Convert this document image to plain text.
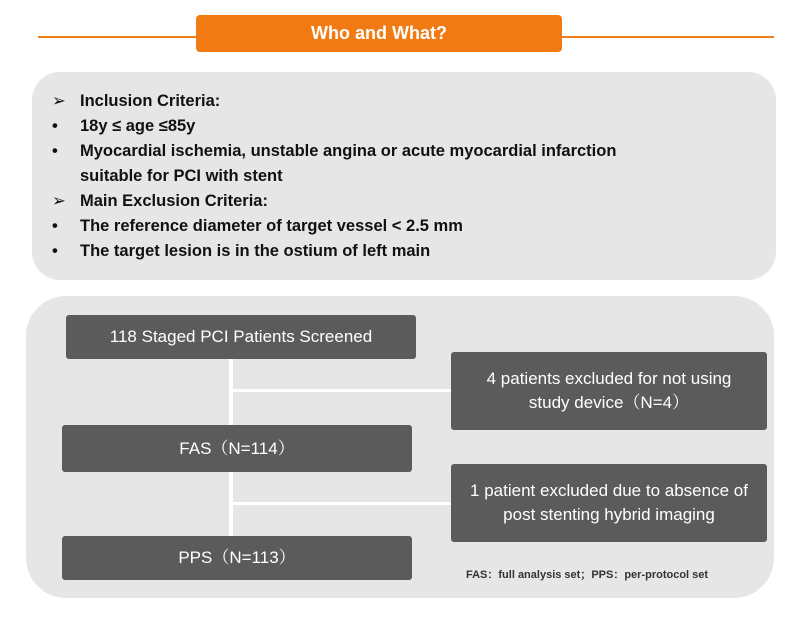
Who and What?
➢ Inclusion Criteria:
•	18y ≤ age ≤85y
•	Myocardial ischemia, unstable angina or acute myocardial infarction
suitable for PCI with stent
➢ Main Exclusion Criteria:
•	The reference diameter of target vessel < 2.5 mm
•	The target lesion is in the ostium of left main
118 Staged PCI Patients Screened
4 patients excluded for not using study device（N=4）
FAS（N=114）
1 patient excluded due to absence of post stenting hybrid imaging
PPS（N=113）
FAS：full analysis set；PPS：per-protocol set
